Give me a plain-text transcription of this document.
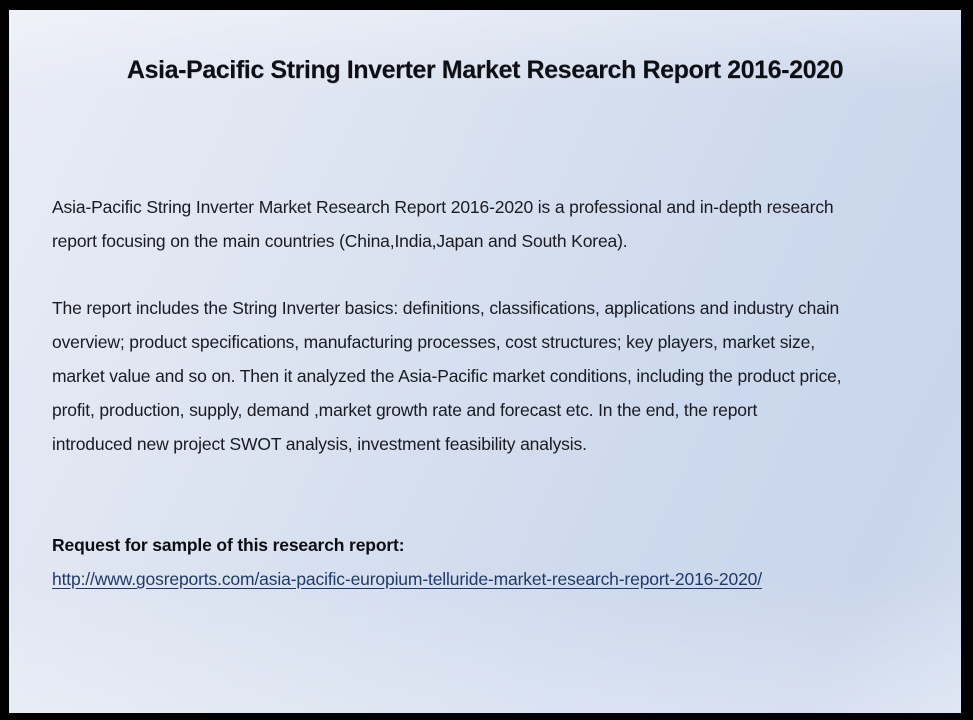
Asia-Pacific String Inverter Market Research Report 2016-2020
Asia-Pacific String Inverter Market Research Report 2016-2020 is a professional and in-depth research
report focusing on the main countries (China,India,Japan and South Korea).
The report includes the String Inverter basics: definitions, classifications, applications and industry chain
overview; product specifications, manufacturing processes, cost structures; key players, market size,
market value and so on. Then it analyzed the Asia-Pacific market conditions, including the product price,
profit, production, supply, demand ,market growth rate and forecast etc. In the end, the report
introduced new project SWOT analysis, investment feasibility analysis.
Request for sample of this research report:
http://www.gosreports.com/asia-pacific-europium-telluride-market-research-report-2016-2020/
